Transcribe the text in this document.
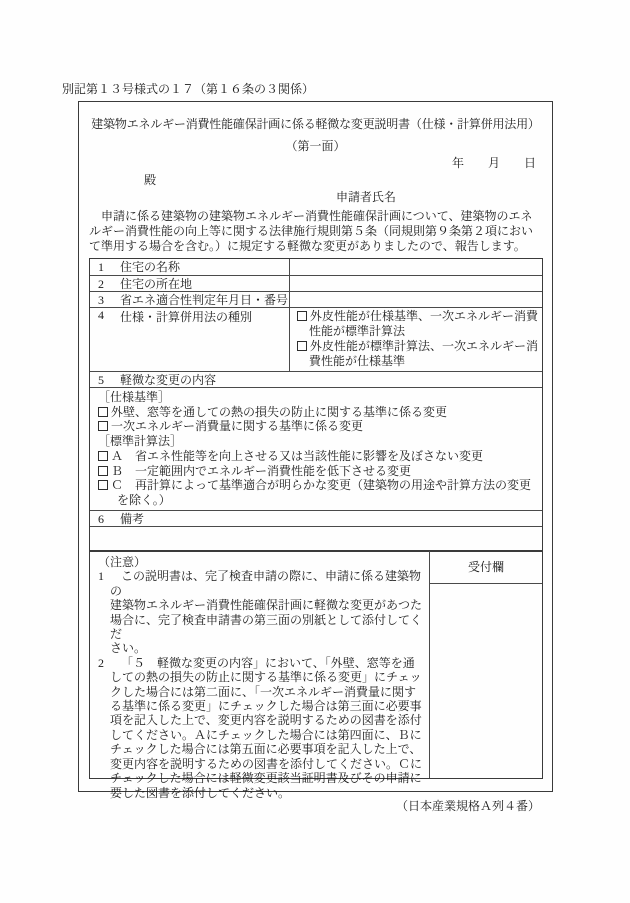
別記第１３号様式の１７（第１６条の３関係）
建築物エネルギー消費性能確保計画に係る軽微な変更説明書（仕様・計算併用法用）
（第一面）
年　　月　　日
殿
申請者氏名
　申請に係る建築物の建築物エネルギー消費性能確保計画について、建築物のエネ
ルギー消費性能の向上等に関する法律施行規則第５条（同規則第９条第２項におい
て準用する場合を含む。）に規定する軽微な変更がありましたので、報告します。
1	住宅の名称
2	住宅の所在地
3	省エネ適合性判定年月日・番号
4	仕様・計算併用法の種別	外皮性能が仕様基準、一次エネルギー消費
性能が標準計算法
外皮性能が標準計算法、一次エネルギー消
費性能が仕様基準
5 軽微な変更の内容
［仕様基準］
外壁、窓等を通しての熱の損失の防止に関する基準に係る変更
一次エネルギー消費量に関する基準に係る変更
［標準計算法］
Ａ 省エネ性能等を向上させる又は当該性能に影響を及ぼさない変更
Ｂ 一定範囲内でエネルギー消費性能を低下させる変更
Ｃ 再計算によって基準適合が明らかな変更（建築物の用途や計算方法の変更
を除く。）
6 備考
（注意）
1	この説明書は、完了検査申請の際に、申請に係る建築物の
建築物エネルギー消費性能確保計画に軽微な変更があつた
場合に、完了検査申請書の第三面の別紙として添付してくだ
さい。
2	「５　軽微な変更の内容」において、「外壁、窓等を通
しての熱の損失の防止に関する基準に係る変更」にチェッ
クした場合には第二面に、「一次エネルギー消費量に関す
る基準に係る変更」にチェックした場合は第三面に必要事
項を記入した上で、変更内容を説明するための図書を添付
してください。Ａにチェックした場合には第四面に、Ｂに
チェックした場合には第五面に必要事項を記入した上で、
変更内容を説明するための図書を添付してください。Ｃに
チェックした場合には軽微変更該当証明書及びその申請に
要した図書を添付してください。
受付欄
（日本産業規格Ａ列４番）
